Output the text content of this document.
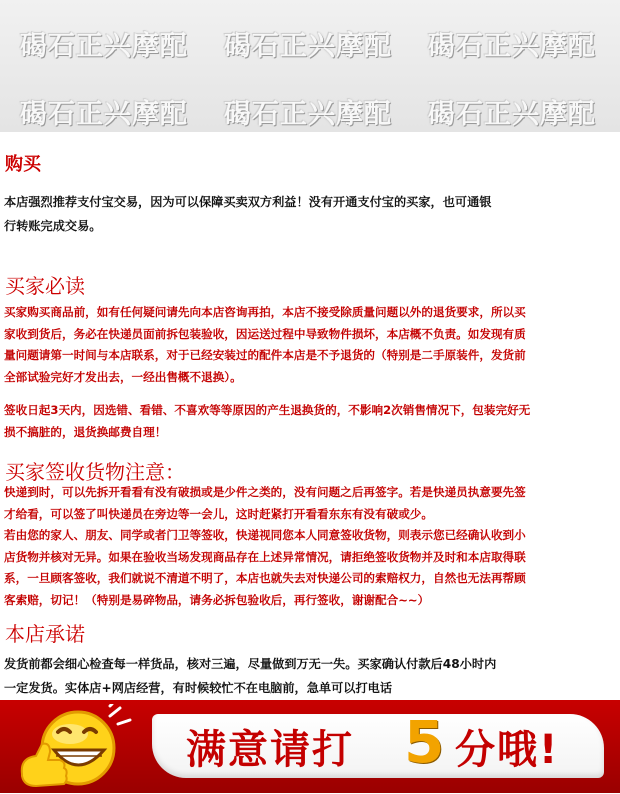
碣石正兴摩配 碣石正兴摩配 碣石正兴摩配
碣石正兴摩配 碣石正兴摩配 碣石正兴摩配
购买
本店强烈推荐支付宝交易，因为可以保障买卖双方利益！没有开通支付宝的买家，也可通银
行转账完成交易。
买家必读
买家购买商品前，如有任何疑问请先向本店咨询再拍，本店不接受除质量问题以外的退货要求，所以买
家收到货后，务必在快递员面前拆包装验收，因运送过程中导致物件损坏，本店概不负责。如发现有质
量问题请第一时间与本店联系，对于已经安装过的配件本店是不予退货的（特别是二手原装件，发货前
全部试验完好才发出去，一经出售概不退换）。
签收日起3天内，因选错、看错、不喜欢等等原因的产生退换货的，不影响2次销售情况下，包装完好无
损不搞脏的，退货换邮费自理！
买家签收货物注意：
快递到时，可以先拆开看看有没有破损或是少件之类的，没有问题之后再签字。若是快递员执意要先签
才给看，可以签了叫快递员在旁边等一会儿，这时赶紧打开看看东东有没有破或少。
若由您的家人、朋友、同学或者门卫等签收，快递视同您本人同意签收货物，则表示您已经确认收到小
店货物并核对无异。如果在验收当场发现商品存在上述异常情况，请拒绝签收货物并及时和本店取得联
系，一旦顾客签收，我们就说不清道不明了，本店也就失去对快递公司的索赔权力，自然也无法再帮顾
客索赔，切记！（特别是易碎物品，请务必拆包验收后，再行签收，谢谢配合~~）
本店承诺
发货前都会细心检查每一样货品，核对三遍，尽量做到万无一失。买家确认付款后48小时内
一定发货。实体店+网店经营，有时候较忙不在电脑前，急单可以打电话
满意请打 5 分哦!
